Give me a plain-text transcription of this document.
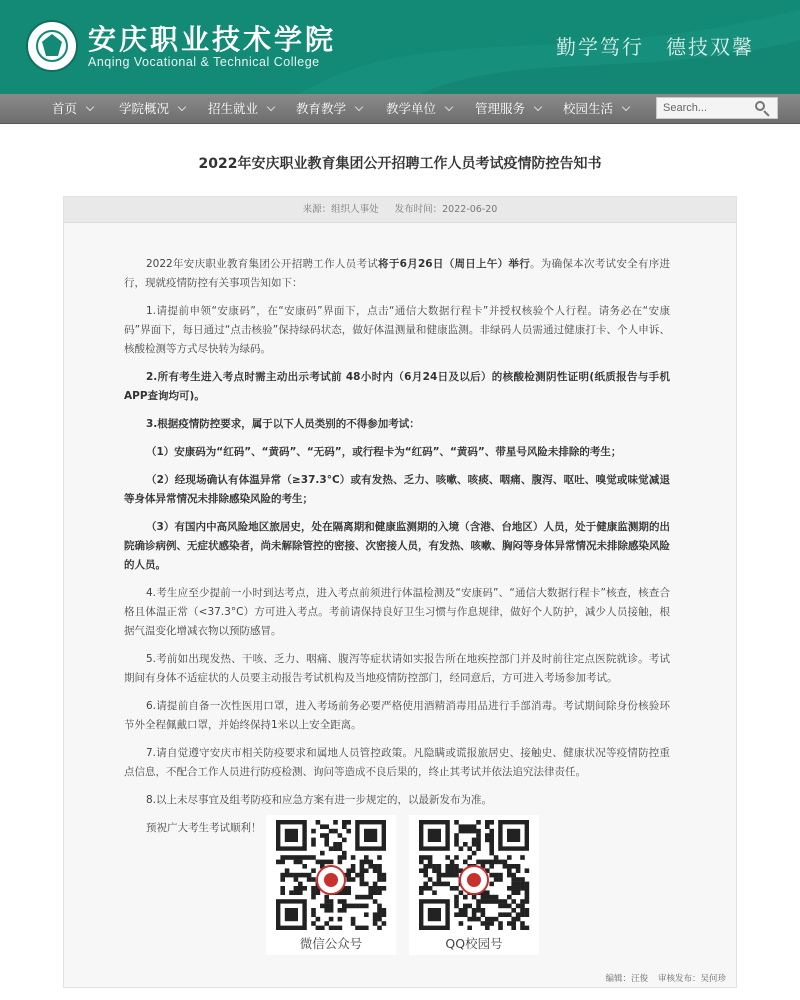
安庆职业技术学院
Anqing Vocational & Technical College
勤学笃行 德技双馨
首页	学院概况	招生就业	教育教学	教学单位	管理服务	校园生活
Search...
2022年安庆职业教育集团公开招聘工作人员考试疫情防控告知书
来源：组织人事处 发布时间：2022-06-20

2022年安庆职业教育集团公开招聘工作人员考试将于6月26日（周日上午）举行。为确保本次考试安全有序进行，现就疫情防控有关事项告知如下：

1.请提前申领“安康码”，在“安康码”界面下，点击“通信大数据行程卡”并授权核验个人行程。请务必在“安康码”界面下，每日通过“点击核验”保持绿码状态，做好体温测量和健康监测。非绿码人员需通过健康打卡、个人申诉、核酸检测等方式尽快转为绿码。

2.所有考生进入考点时需主动出示考试前 48小时内（6月24日及以后）的核酸检测阴性证明(纸质报告与手机APP查询均可)。

3.根据疫情防控要求，属于以下人员类别的不得参加考试：

（1）安康码为“红码”、“黄码”、“无码”，或行程卡为“红码”、“黄码”、带星号风险未排除的考生；

（2）经现场确认有体温异常（≥37.3°C）或有发热、乏力、咳嗽、咳痰、咽痛、腹泻、呕吐、嗅觉或味觉减退等身体异常情况未排除感染风险的考生；

（3）有国内中高风险地区旅居史，处在隔离期和健康监测期的入境（含港、台地区）人员，处于健康监测期的出院确诊病例、无症状感染者，尚未解除管控的密接、次密接人员，有发热、咳嗽、胸闷等身体异常情况未排除感染风险的人员。

4.考生应至少提前一小时到达考点，进入考点前须进行体温检测及“安康码”、“通信大数据行程卡”核查，核查合格且体温正常（<37.3°C）方可进入考点。考前请保持良好卫生习惯与作息规律，做好个人防护，减少人员接触，根据气温变化增减衣物以预防感冒。

5.考前如出现发热、干咳、乏力、咽痛、腹泻等症状请如实报告所在地疾控部门并及时前往定点医院就诊。考试期间有身体不适症状的人员要主动报告考试机构及当地疫情防控部门，经同意后，方可进入考场参加考试。

6.请提前自备一次性医用口罩，进入考场前务必要严格使用酒精消毒用品进行手部消毒。考试期间除身份核验环节外全程佩戴口罩，并始终保持1米以上安全距离。

7.请自觉遵守安庆市相关防疫要求和属地人员管控政策。凡隐瞒或谎报旅居史、接触史、健康状况等疫情防控重点信息，不配合工作人员进行防疫检测、询问等造成不良后果的，终止其考试并依法追究法律责任。

8.以上未尽事宜及组考防疫和应急方案有进一步规定的，以最新发布为准。

预祝广大考生考试顺利！

微信公众号	QQ校园号
编辑：汪俊 审核发布：吴何珍
